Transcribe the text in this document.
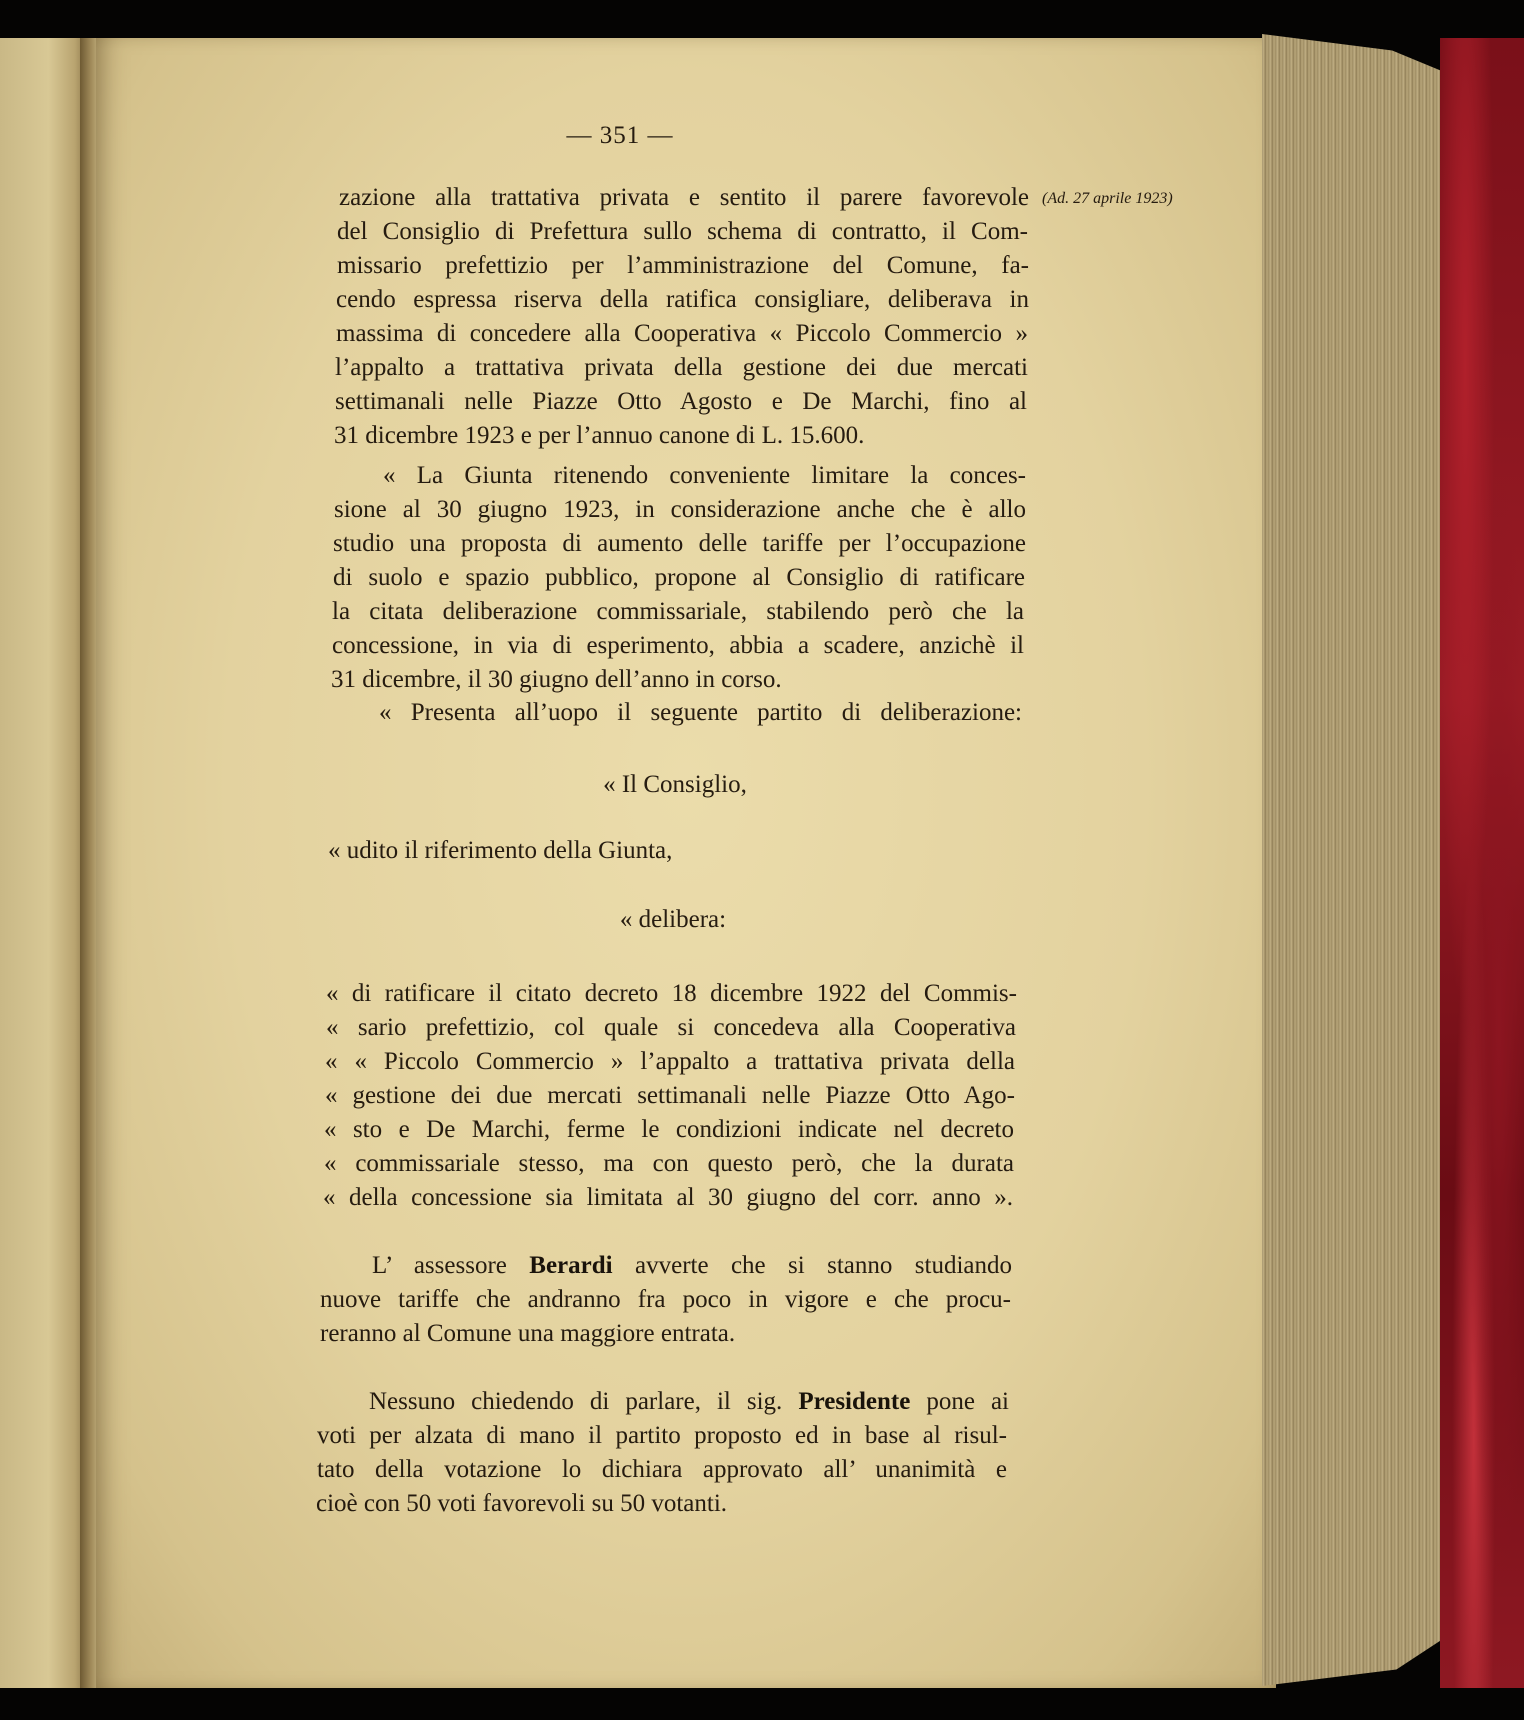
— 351 —
(Ad. 27 aprile 1923)
zazione alla trattativa privata e sentito il parere favorevole
del Consiglio di Prefettura sullo schema di contratto, il Com-
missario prefettizio per l’amministrazione del Comune, fa-
cendo espressa riserva della ratifica consigliare, deliberava in
massima di concedere alla Cooperativa « Piccolo Commercio »
l’appalto a trattativa privata della gestione dei due mercati
settimanali nelle Piazze Otto Agosto e De Marchi, fino al
31 dicembre 1923 e per l’annuo canone di L. 15.600.
« La Giunta ritenendo conveniente limitare la conces-
sione al 30 giugno 1923, in considerazione anche che è allo
studio una proposta di aumento delle tariffe per l’occupazione
di suolo e spazio pubblico, propone al Consiglio di ratificare
la citata deliberazione commissariale, stabilendo però che la
concessione, in via di esperimento, abbia a scadere, anzichè il
31 dicembre, il 30 giugno dell’anno in corso.
« Presenta all’uopo il seguente partito di deliberazione:
« Il Consiglio,
« udito il riferimento della Giunta,
« delibera:
« di ratificare il citato decreto 18 dicembre 1922 del Commis-
« sario prefettizio, col quale si concedeva alla Cooperativa
« « Piccolo Commercio » l’appalto a trattativa privata della
« gestione dei due mercati settimanali nelle Piazze Otto Ago-
« sto e De Marchi, ferme le condizioni indicate nel decreto
« commissariale stesso, ma con questo però, che la durata
« della concessione sia limitata al 30 giugno del corr. anno ».
L’ assessore Berardi avverte che si stanno studiando
nuove tariffe che andranno fra poco in vigore e che procu-
reranno al Comune una maggiore entrata.
Nessuno chiedendo di parlare, il sig. Presidente pone ai
voti per alzata di mano il partito proposto ed in base al risul-
tato della votazione lo dichiara approvato all’ unanimità e
cioè con 50 voti favorevoli su 50 votanti.
